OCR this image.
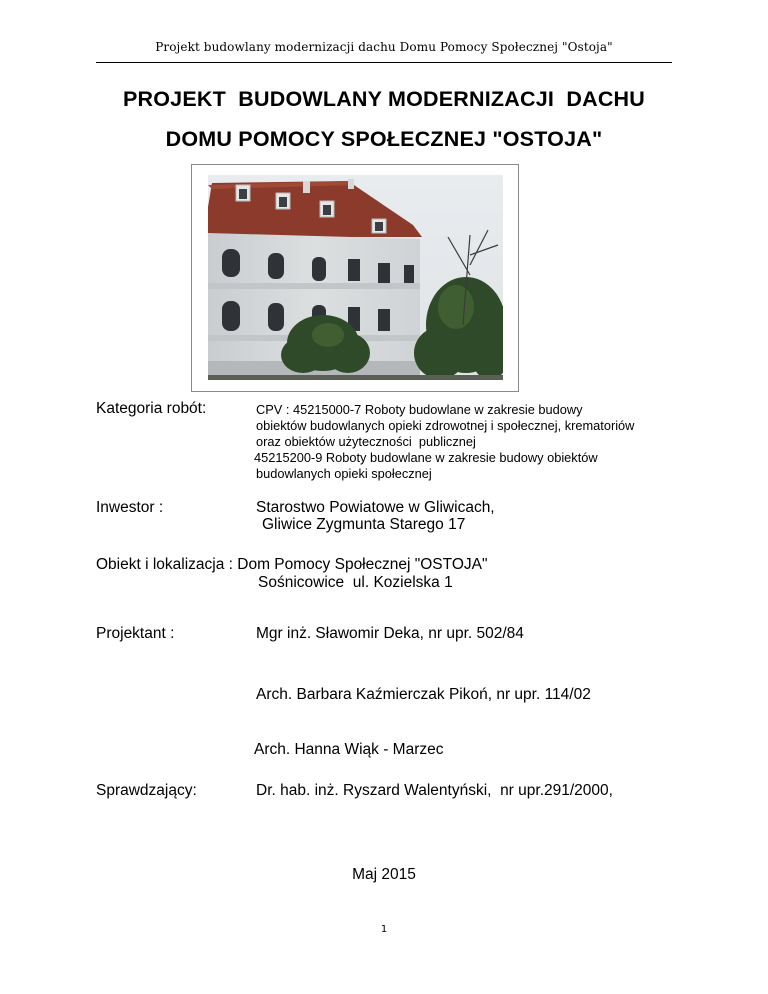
Projekt budowlany modernizacji dachu Domu Pomocy Społecznej "Ostoja"
PROJEKT  BUDOWLANY MODERNIZACJI  DACHU
DOMU POMOCY SPOŁECZNEJ "OSTOJA"
Kategoria robót:	CPV : 45215000-7 Roboty budowlane w zakresie budowy
obiektów budowlanych opieki zdrowotnej i społecznej, krematoriów
oraz obiektów użyteczności  publicznej
45215200-9 Roboty budowlane w zakresie budowy obiektów
budowlanych opieki społecznej
Inwestor :	Starostwo Powiatowe w Gliwicach,
Gliwice Zygmunta Starego 17
Obiekt i lokalizacja : Dom Pomocy Społecznej "OSTOJA"
Sośnicowice  ul. Kozielska 1
Projektant :	Mgr inż. Sławomir Deka, nr upr. 502/84
Arch. Barbara Kaźmierczak Pikoń, nr upr. 114/02
Arch. Hanna Wiąk - Marzec
Sprawdzający:	Dr. hab. inż. Ryszard Walentyński,  nr upr.291/2000,
Maj 2015
1
